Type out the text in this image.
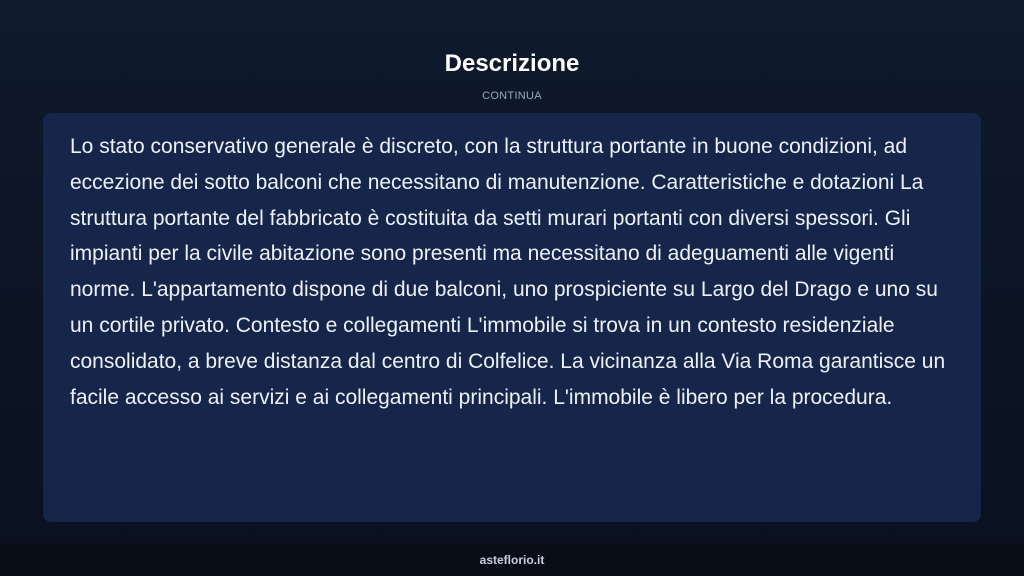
Descrizione
CONTINUA

Lo stato conservativo generale è discreto, con la struttura portante in buone condizioni, ad eccezione dei sotto balconi che necessitano di manutenzione. Caratteristiche e dotazioni La struttura portante del fabbricato è costituita da setti murari portanti con diversi spessori. Gli impianti per la civile abitazione sono presenti ma necessitano di adeguamenti alle vigenti norme. L'appartamento dispone di due balconi, uno prospiciente su Largo del Drago e uno su un cortile privato. Contesto e collegamenti L'immobile si trova in un contesto residenziale consolidato, a breve distanza dal centro di Colfelice. La vicinanza alla Via Roma garantisce un facile accesso ai servizi e ai collegamenti principali. L'immobile è libero per la procedura.

asteflorio.it
